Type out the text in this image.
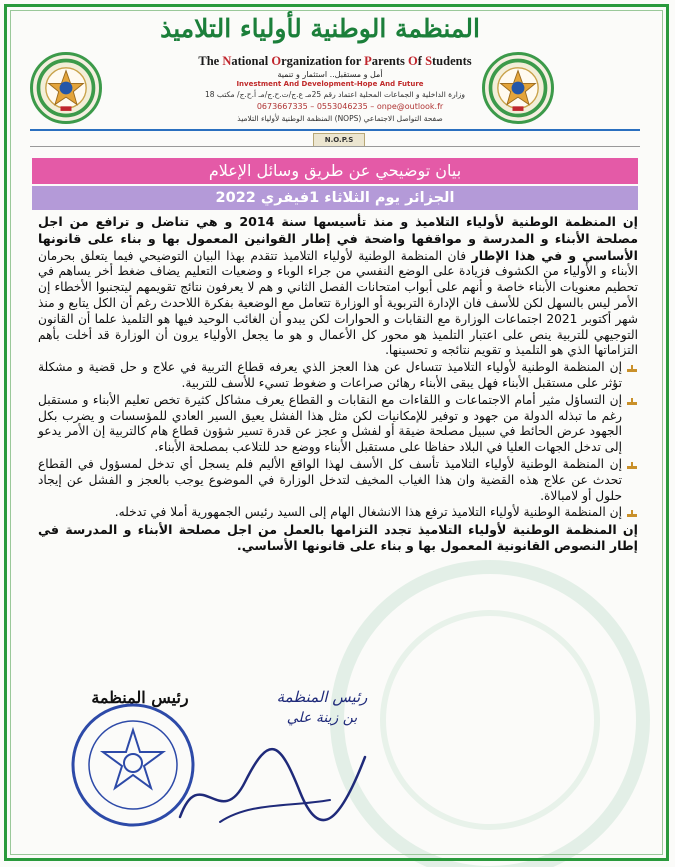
المنظمة الوطنية لأولياء التلاميذ
The National Organization for Parents Of Students
أمل و مستقبل.. استثمار و تنمية
Investment And Development-Hope And Future
وزارة الداخلية و الجماعات المحلية اعتماد رقم 25مـ ع.ج/ت.ح.ج/مـ أ.ح.ج/ مكتب 18
0673667335 – 0553046235 – onpe@outlook.fr
صفحة التواصل الاجتماعي (NOPS) المنظمة الوطنية لأولياء التلاميذ
N.O.P.S
بيان توضيحي عن طريق وسائل الإعلام
الجزائر يوم الثلاثاء 1فيفري 2022

إن المنظمة الوطنية لأولياء التلاميذ و منذ تأسيسها سنة 2014 و هي تناضل و ترافع من اجل مصلحة الأبناء و المدرسة و مواقفها واضحة في إطار القوانين المعمول بها و بناء على قانونها الأساسي و في هذا الإطار فان المنظمة الوطنية لأولياء التلاميذ تتقدم بهذا البيان التوضيحي فيما يتعلق بحرمان الأبناء و الأولياء من الكشوف فزيادة على الوضع النفسي من جراء الوباء و وضعيات التعليم يضاف ضغط أخر يساهم في تحطيم معنويات الأبناء خاصة و أنهم على أبواب امتحانات الفصل الثاني و هم لا يعرفون نتائج تقويمهم ليتجنبوا الأخطاء إن الأمر ليس بالسهل لكن للأسف فان الإدارة التربوية أو الوزارة تتعامل مع الوضعية بفكرة اللاحدث رغم أن الكل يتابع و منذ شهر أكتوبر 2021 اجتماعات الوزارة مع النقابات و الحوارات لكن يبدو أن الغائب الوحيد فيها هو التلميذ علما أن القانون التوجيهي للتربية ينص على اعتبار التلميذ هو محور كل الأعمال و هو ما يجعل الأولياء يرون أن الوزارة قد أخلت بأهم التزاماتها الذي هو التلميذ و تقويم نتائجه و تحسينها.

إن المنظمة الوطنية لأولياء التلاميذ تتساءل عن هذا العجز الذي يعرفه قطاع التربية في علاج و حل قضية و مشكلة تؤثر على مستقبل الأبناء فهل يبقى الأبناء رهائن صراعات و ضغوط تسيء للأسف للتربية.

إن التساؤل مثير أمام الاجتماعات و اللقاءات مع النقابات و القطاع يعرف مشاكل كثيرة تخص تعليم الأبناء و مستقبل رغم ما تبذله الدولة من جهود و توفير للإمكانيات لكن مثل هذا الفشل يعيق السير العادي للمؤسسات و يضرب بكل الجهود عرض الحائط في سبيل مصلحة ضيقة أو لفشل و عجز عن قدرة تسير شؤون قطاع هام كالتربية إن الأمر يدعو إلى تدخل الجهات العليا في البلاد حفاظا على مستقبل الأبناء ووضع حد للتلاعب بمصلحة الأبناء.

إن المنظمة الوطنية لأولياء التلاميذ تأسف كل الأسف لهذا الواقع الأليم فلم يسجل أي تدخل لمسؤول في القطاع تحدث عن علاج هذه القضية وان هذا الغياب المخيف لتدخل الوزارة في الموضوع يوجب بالعجز و الفشل عن إيجاد حلول أو لامبالاة.

إن المنظمة الوطنية لأولياء التلاميذ ترفع هذا الانشغال الهام إلى السيد رئيس الجمهورية أملا في تدخله.

إن المنظمة الوطنية لأولياء التلاميذ تجدد التزامها بالعمل من اجل مصلحة الأبناء و المدرسة في إطار النصوص القانونية المعمول بها و بناء على قانونها الأساسي.

رئيس المنظمة	رئيس المنظمة
بن زينة علي
